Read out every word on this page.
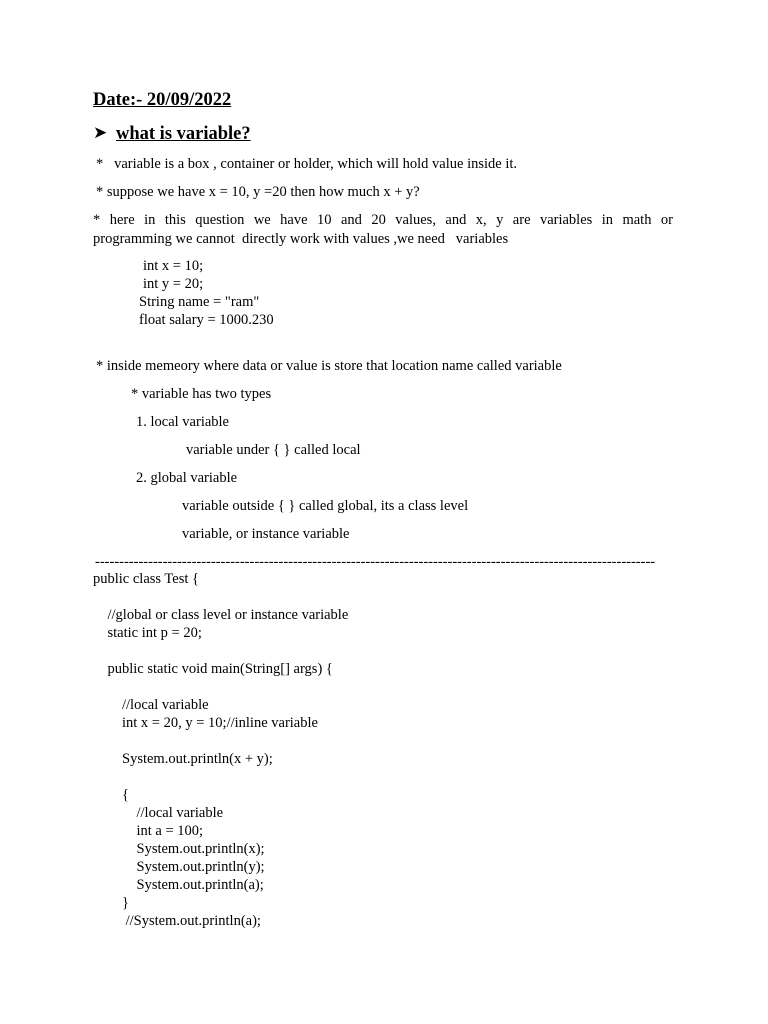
Date:- 20/09/2022
➤ what is variable?
*   variable is a box , container or holder, which will hold value inside it.
* suppose we have x = 10, y =20 then how much x + y?
* here in this question we have 10 and 20 values, and x, y are variables in math or
programming we cannot  directly work with values ,we need   variables
int x = 10;
int y = 20;
String name = "ram"
float salary = 1000.230
* inside memeory where data or value is store that location name called variable
* variable has two types
1. local variable
variable under { } called local
2. global variable
variable outside { } called global, its a class level
variable, or instance variable
--------------------------------------------------------------------------------------------------------------------
public class Test {
//global or class level or instance variable
static int p = 20;
public static void main(String[] args) {
//local variable
int x = 20, y = 10;//inline variable
System.out.println(x + y);
{
//local variable
int a = 100;
System.out.println(x);
System.out.println(y);
System.out.println(a);
}
//System.out.println(a);
